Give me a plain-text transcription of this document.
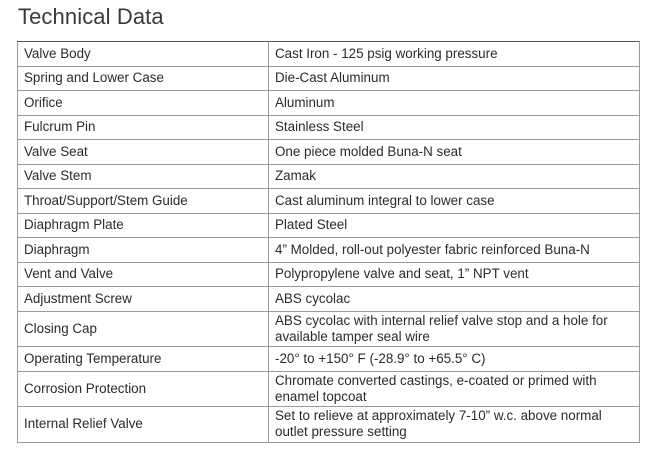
Technical Data
Valve Body	Cast Iron - 125 psig working pressure
Spring and Lower Case	Die-Cast Aluminum
Orifice	Aluminum
Fulcrum Pin	Stainless Steel
Valve Seat	One piece molded Buna-N seat
Valve Stem	Zamak
Throat/Support/Stem Guide	Cast aluminum integral to lower case
Diaphragm Plate	Plated Steel
Diaphragm	4” Molded, roll-out polyester fabric reinforced Buna-N
Vent and Valve	Polypropylene valve and seat, 1” NPT vent
Adjustment Screw	ABS cycolac
Closing Cap	ABS cycolac with internal relief valve stop and a hole for available tamper seal wire
Operating Temperature	-20° to +150° F (-28.9° to +65.5° C)
Corrosion Protection	Chromate converted castings, e-coated or primed with enamel topcoat
Internal Relief Valve	Set to relieve at approximately 7-10” w.c. above normal outlet pressure setting
